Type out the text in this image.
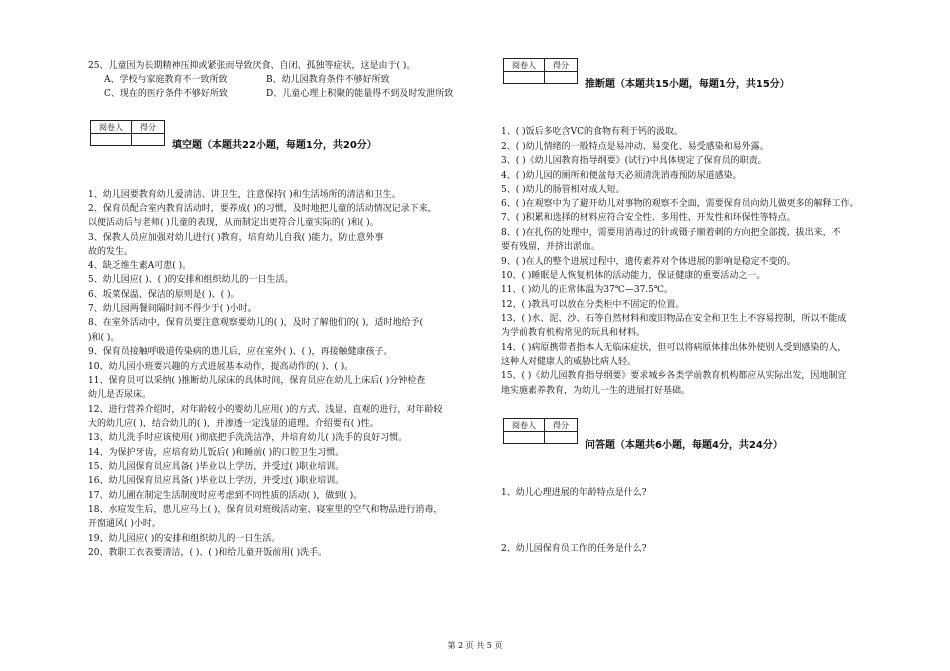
25、儿童因为长期精神压抑或紧张而导致厌食、自闭、孤独等症状，这是由于( )。
A、学校与家庭教育不一致所致	B、幼儿园教育条件不够好所致
C、现在的医疗条件不够好所致	D、儿童心理上积聚的能量得不到及时发泄所致
阅卷人	得分

填空题（本题共22小题，每题1分，共20分）
1、幼儿园要教育幼儿爱清洁、讲卫生，注意保持( )和生活场所的清洁和卫生。
2、保育员配合室内教育活动时，要养成( )的习惯，及时地把儿童的活动情况记录下来，
以便活动后与老师( )儿童的表现，从而制定出更符合儿童实际的( )和( )。
3、保教人员应加强对幼儿进行( )教育，培育幼儿自我( )能力，防止意外事
故的发生。
4、缺乏维生素A可患( )。
5、幼儿园应( )、( )的安排和组织幼儿的一日生活。
6、坂菜保温、保洁的原则是( )、( )。
7、幼儿园两餐间隔时间不得少于( )小时。
8、在室外活动中，保育员要注意观察要幼儿的( )，及时了解他们的( )，适时地给予(
)和( )。
9、保育员接触呼吸道传染病的患儿后，应在室外( )、( )，再接触健康孩子。
10、幼儿园小班要兴趣的方式进展基本动作，提高动作的( )、( )。
11、保育员可以采纳( )推断幼儿尿床的具体时间，保育员应在幼儿上床后( )分钟检查
幼儿是否尿床。
12、进行营养介绍时，对年龄较小的婴幼儿应用( )的方式、浅显、直观的进行，对年龄较
大的幼儿应( )，结合幼儿的( )，并渗透一定浅显的道理。介绍要有( )性。
13、幼儿洗手时应该使用( )彻底把手洗洗洁净，并培育幼儿( )洗手的良好习惯。
14、为保护牙齿，应培育幼儿饭后( )和睡前( )的口腔卫生习惯。
15、幼儿园保育员应具备( )毕业以上学历，并受过( )职业培训。
16、幼儿园保育员应具备( )毕业以上学历，并受过( )职业培训。
17、幼儿圃在制定生活制度时应考虑到不同性质的活动( )，做到( )。
18、水痘发生后，患儿应马上( )，保育员对班级活动室、寝室里的空气和物品进行消毒，
开窗通风( )小时。
19、幼儿园应( )的安排和组织幼儿的一日生活。
20、教职工衣表要清洁，( )、( )和给儿童开饭前用( )洗手。
阅卷人	得分

推断题（本题共15小题，每题1分，共15分）
1、( )饭后多吃含VC的食物有利于钙的汲取。
2、( )幼儿情绪的一般特点是易冲动、易变化、易受感染和易外露。
3、( )《幼儿园教育指导纲要》(试行)中具体规定了保育员的职责。
4、( )幼儿园的厕所和便盆每天必须清洗消毒预防尿道感染。
5、( )幼儿的肠管相对成人短。
6、( )在观察中为了避开幼儿对事物的观察不全面，需要保育员向幼儿做更多的解释工作。
7、( )积累和选择的材料应符合安全性、多用性、开发性和环保性等特点。
8、( )在扎伤的处理中，需要用消毒过的针或镊子顺着刺的方向把全部拨、拔出来，不
要有残留，并挤出淤血。
9、( )在人的整个进展过程中，遗传素养对个体进展的影响是稳定不变的。
10、( )睡眠是人恢复机体的活动能力，保证健康的重要活动之一。
11、( )幼儿的正常体温为37℃—37.5℃。
12、( )教具可以放在分类柜中不固定的位置。
13、( )水、泥、沙、石等自然材料和废旧物品在安全和卫生上不容易控制，所以不能成
为学前教育机构常见的玩具和材料。
14、( )病原携带者指本人无临床症状，但可以将病原体排出体外使别人受到感染的人，
这种人对健康人的威胁比病人轻。
15、( )《幼儿园教育指导纲要》要求城乡各类学前教育机构都应从实际出发，因地制宜
地实施素养教育，为幼儿一生的进展打好基础。
阅卷人	得分

问答题（本题共6小题，每题4分，共24分）
1、幼儿心理进展的年龄特点是什么?
2、幼儿园保育员工作的任务是什么?
第 2 页 共 5 页
